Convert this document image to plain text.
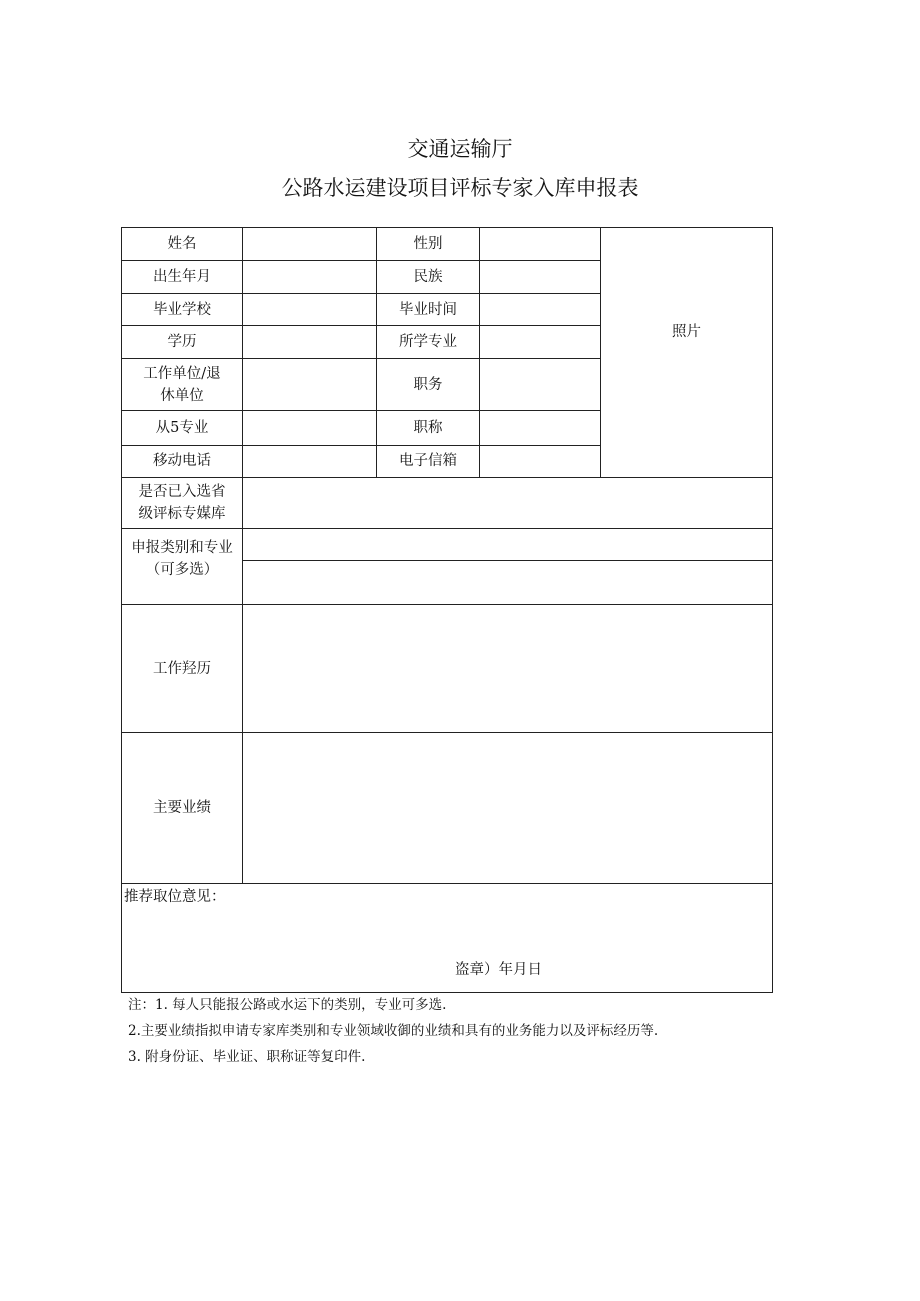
交通运输厅
公路水运建设项目评标专家入库申报表
姓名		性别		照片
出生年月		民族		
毕业学校		毕业时间		
学历		所学专业		

工作单位/退
休单位		职务		
从5专业		职称		
移动电话		电子信箱		

是否已入选省
级评标专媒库				

申报类别和专业
（可多选）				

工作羟历				
主要业绩				

推荐取位意见：
盗章）年月日				
注：1. 每人只能报公路或水运下的类别，专业可多选.
2.主要业绩指拟申请专家库类别和专业领域收御的业绩和具有的业务能力以及评标经历等.
3. 附身份证、毕业证、职称证等复印件.
